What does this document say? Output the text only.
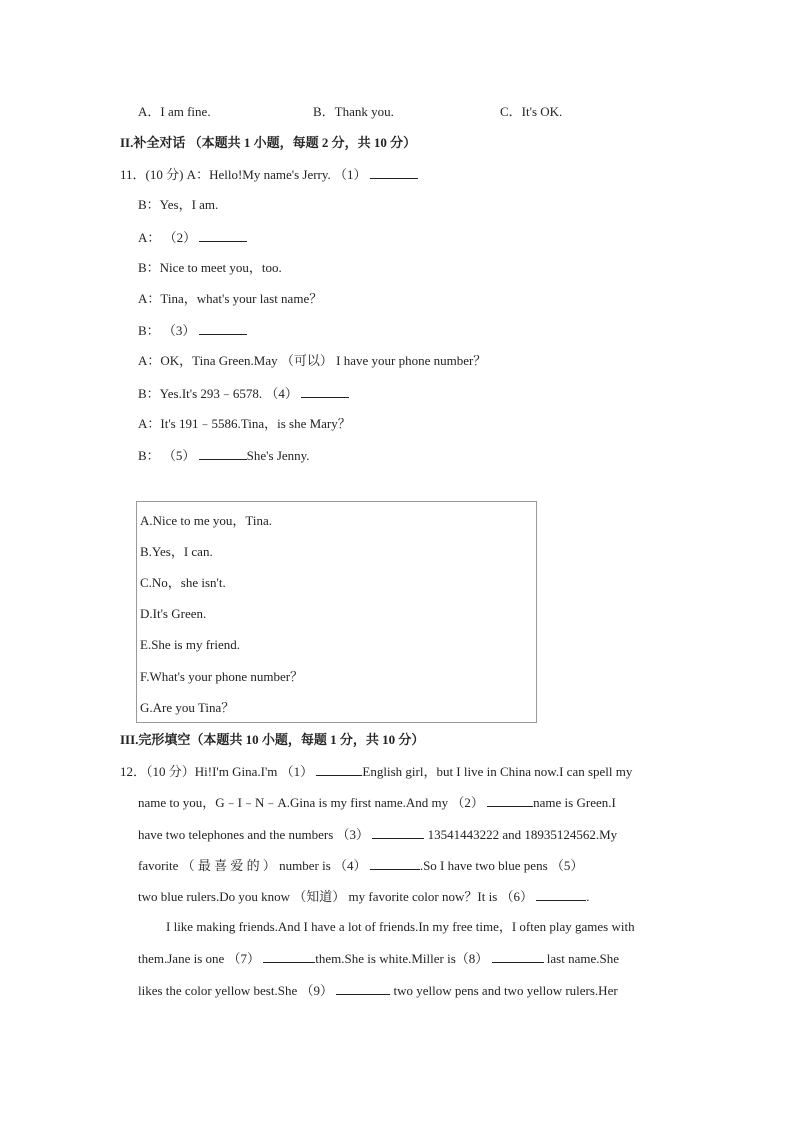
A．I am fine.	B．Thank you.	C．It's OK.
II.补全对话 （本题共 1 小题，每题 2 分，共 10 分）
11．(10 分) A：Hello!My name's Jerry. （1）
B：Yes，I am.
A： （2）
B：Nice to meet you，too.
A：Tina，what's your last name？
B： （3）
A：OK，Tina Green.May （可以） I have your phone number？
B：Yes.It's 293﹣6578. （4）
A：It's 191﹣5586.Tina，is she Mary？
B： （5）	She's Jenny.
A.Nice to me you，Tina.
B.Yes，I can.
C.No，she isn't.
D.It's Green.
E.She is my friend.
F.What's your phone number？
G.Are you Tina？
III.完形填空（本题共 10 小题，每题 1 分，共 10 分）
12．（10 分）Hi!I'm Gina.I'm （1）	English girl，but I live in China now.I can spell my
name to you，G﹣I﹣N﹣A.Gina is my first name.And my （2）	name is Green.I
have two telephones and the numbers （3）	13541443222 and 18935124562.My
favorite （ 最 喜 爱 的 ） number is （4）	.So I have two blue pens （5）
two blue rulers.Do you know （知道） my favorite color now？It is （6）	.
I like making friends.And I have a lot of friends.In my free time，I often play games with
them.Jane is one （7）	them.She is white.Miller is（8）	last name.She
likes the color yellow best.She （9）	two yellow pens and two yellow rulers.Her
